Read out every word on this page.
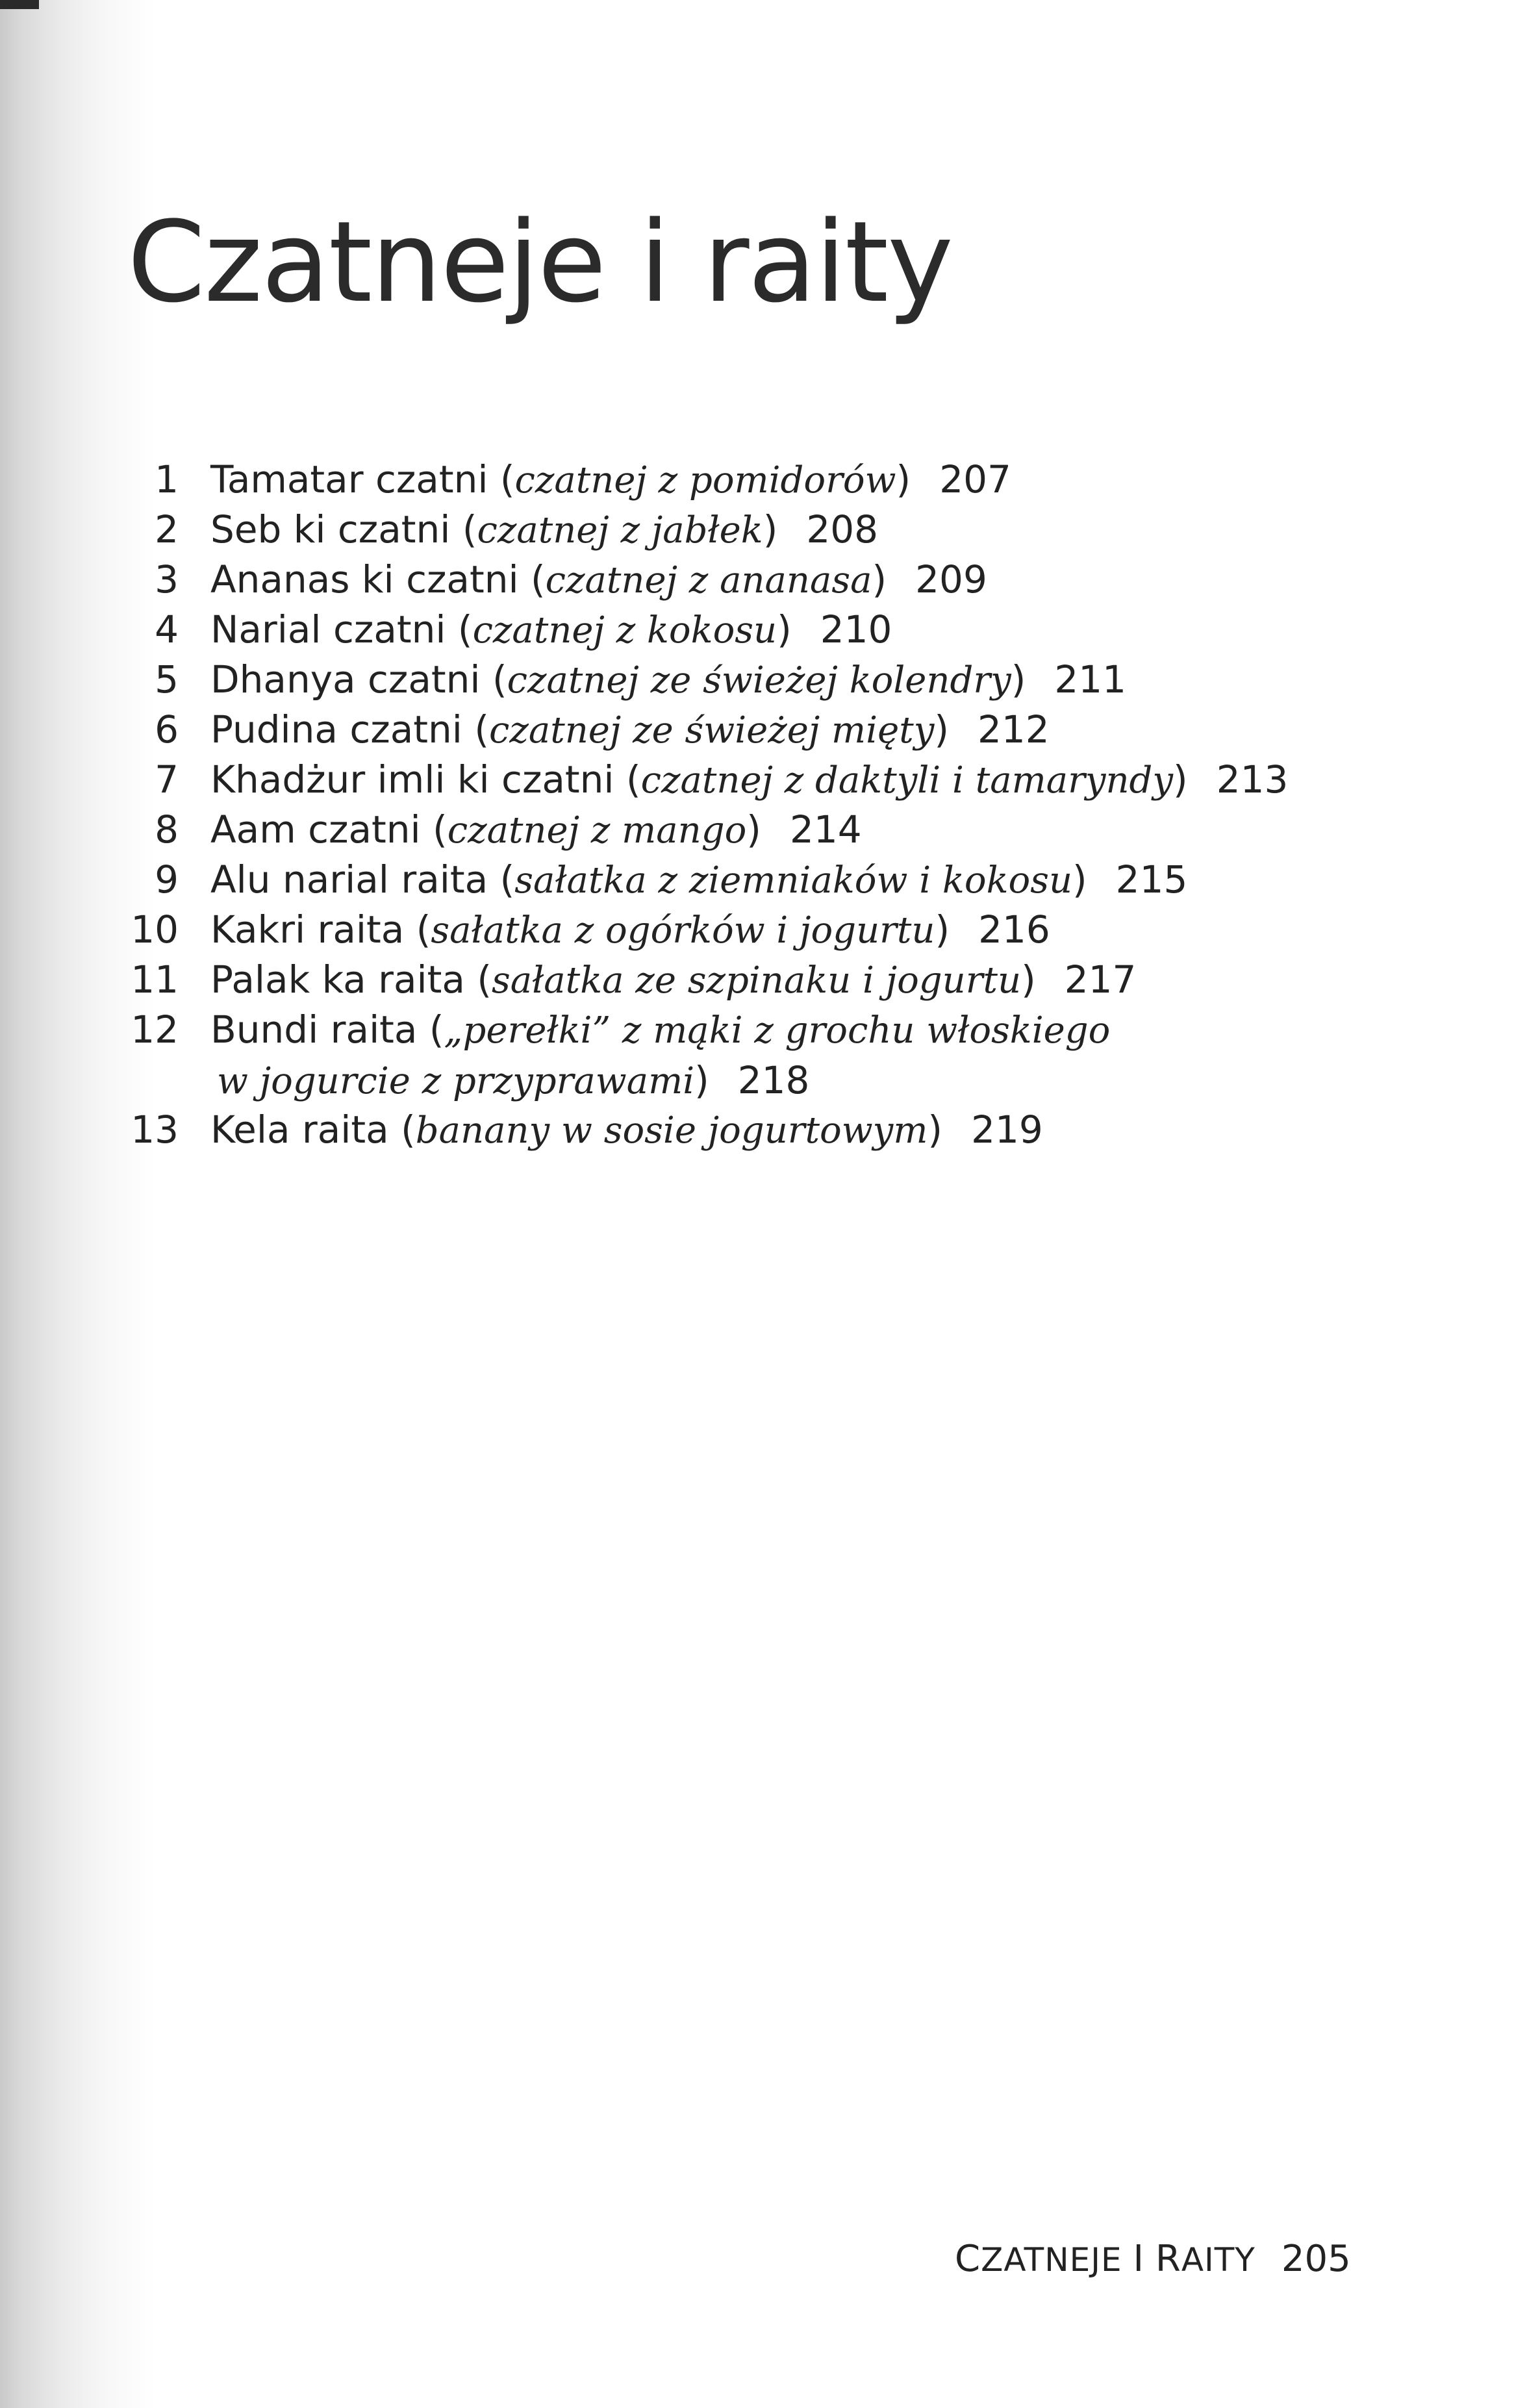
Czatneje i raity
1 Tamatar czatni (czatnej z pomidorów) 207
2 Seb ki czatni (czatnej z jabłek) 208
3 Ananas ki czatni (czatnej z ananasa) 209
4 Narial czatni (czatnej z kokosu) 210
5 Dhanya czatni (czatnej ze świeżej kolendry) 211
6 Pudina czatni (czatnej ze świeżej mięty) 212
7 Khadżur imli ki czatni (czatnej z daktyli i tamaryndy) 213
8 Aam czatni (czatnej z mango) 214
9 Alu narial raita (sałatka z ziemniaków i kokosu) 215
10 Kakri raita (sałatka z ogórków i jogurtu) 216
11 Palak ka raita (sałatka ze szpinaku i jogurtu) 217
12 Bundi raita („perełki” z mąki z grochu włoskiego
w jogurcie z przyprawami) 218
13 Kela raita (banany w sosie jogurtowym) 219
CZATNEJE I RAITY 205
